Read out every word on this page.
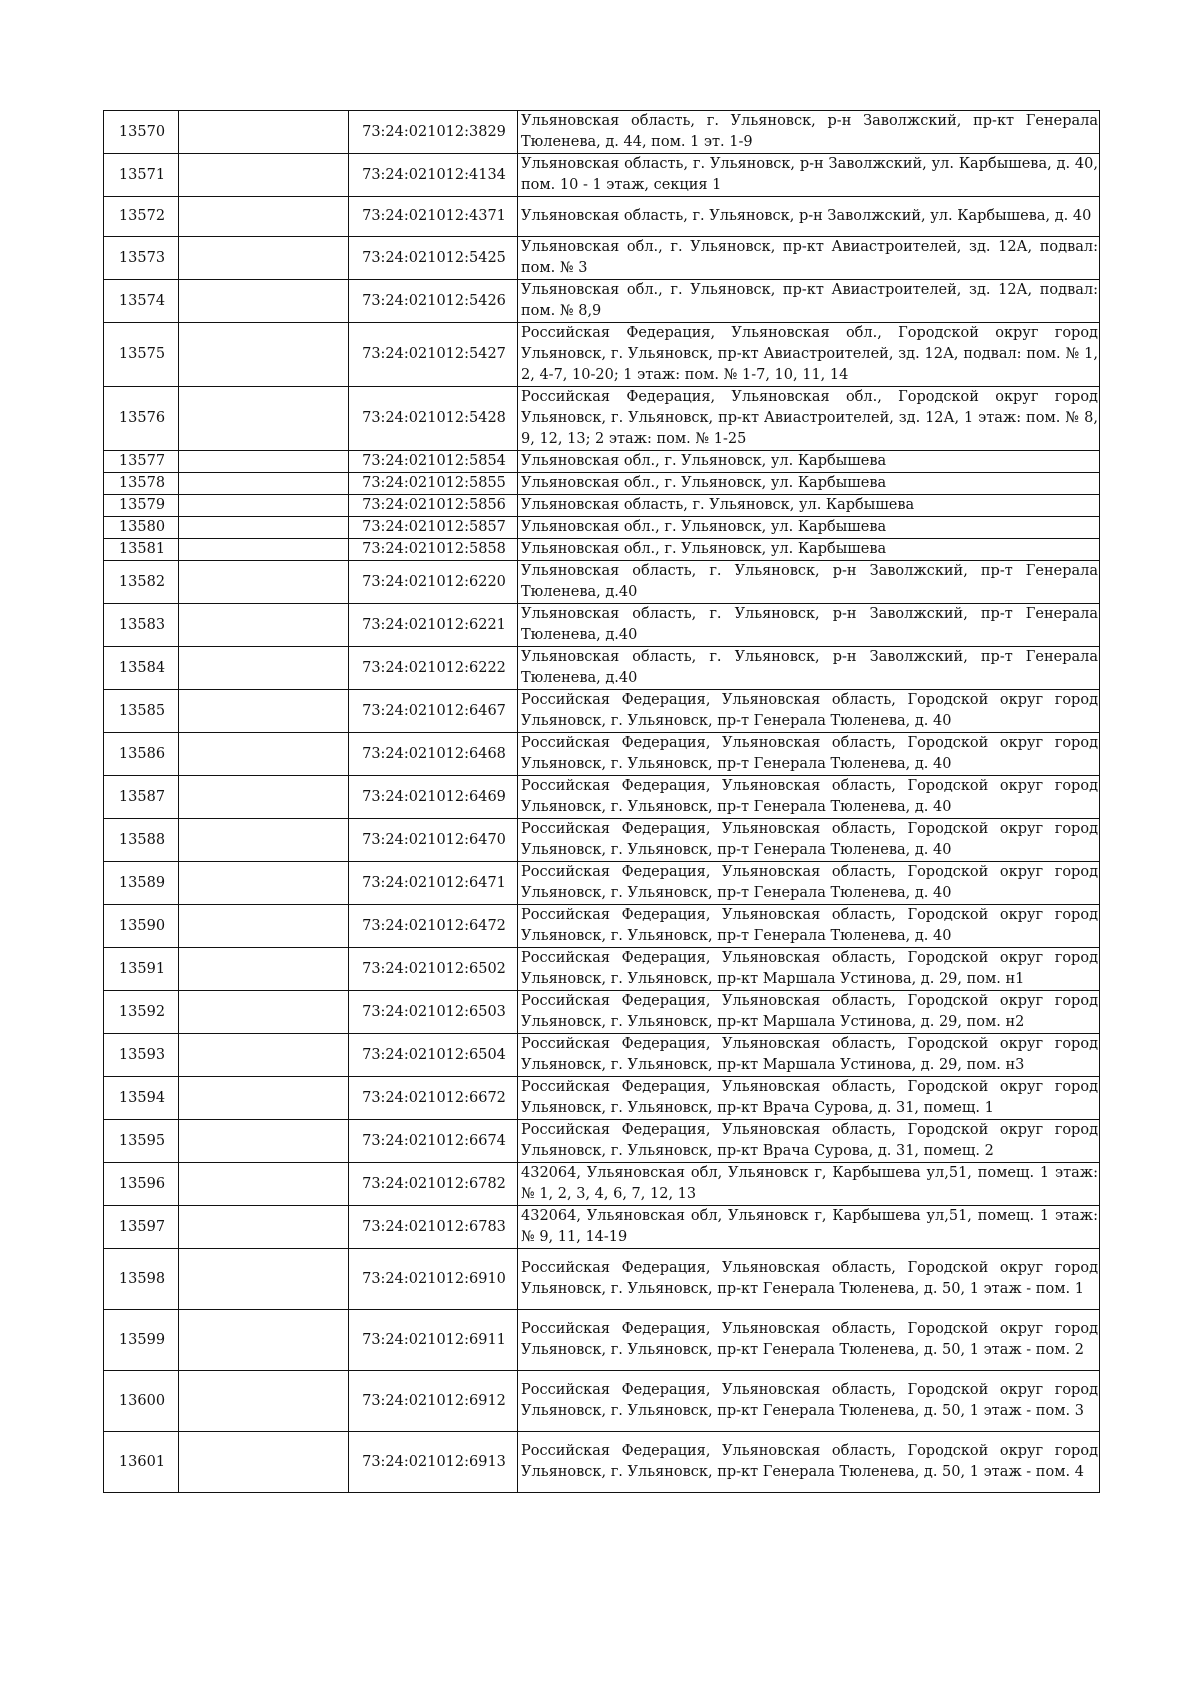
13570		73:24:021012:3829	Ульяновская область, г. Ульяновск, р-н Заволжский, пр-кт Генерала Тюленева, д. 44, пом. 1 эт. 1-9
13571		73:24:021012:4134	Ульяновская область, г. Ульяновск, р-н Заволжский, ул. Карбышева, д. 40, пом. 10 - 1 этаж, секция 1
13572		73:24:021012:4371	Ульяновская область, г. Ульяновск, р-н Заволжский, ул. Карбышева, д. 40
13573		73:24:021012:5425	Ульяновская обл., г. Ульяновск, пр-кт Авиастроителей, зд. 12А, подвал: пом. № 3
13574		73:24:021012:5426	Ульяновская обл., г. Ульяновск, пр-кт Авиастроителей, зд. 12А, подвал: пом. № 8,9
13575		73:24:021012:5427	Российская Федерация, Ульяновская обл., Городской округ город Ульяновск, г. Ульяновск, пр-кт Авиастроителей, зд. 12А, подвал: пом. № 1, 2, 4-7, 10-20; 1 этаж: пом. № 1-7, 10, 11, 14
13576		73:24:021012:5428	Российская Федерация, Ульяновская обл., Городской округ город Ульяновск, г. Ульяновск, пр-кт Авиастроителей, зд. 12А, 1 этаж: пом. № 8, 9, 12, 13; 2 этаж: пом. № 1-25
13577		73:24:021012:5854	Ульяновская обл., г. Ульяновск, ул. Карбышева
13578		73:24:021012:5855	Ульяновская обл., г. Ульяновск, ул. Карбышева
13579		73:24:021012:5856	Ульяновская область, г. Ульяновск, ул. Карбышева
13580		73:24:021012:5857	Ульяновская обл., г. Ульяновск, ул. Карбышева
13581		73:24:021012:5858	Ульяновская обл., г. Ульяновск, ул. Карбышева
13582		73:24:021012:6220	Ульяновская область, г. Ульяновск, р-н Заволжский, пр-т Генерала Тюленева, д.40
13583		73:24:021012:6221	Ульяновская область, г. Ульяновск, р-н Заволжский, пр-т Генерала Тюленева, д.40
13584		73:24:021012:6222	Ульяновская область, г. Ульяновск, р-н Заволжский, пр-т Генерала Тюленева, д.40
13585		73:24:021012:6467	Российская Федерация, Ульяновская область, Городской округ город Ульяновск, г. Ульяновск, пр-т Генерала Тюленева, д. 40
13586		73:24:021012:6468	Российская Федерация, Ульяновская область, Городской округ город Ульяновск, г. Ульяновск, пр-т Генерала Тюленева, д. 40
13587		73:24:021012:6469	Российская Федерация, Ульяновская область, Городской округ город Ульяновск, г. Ульяновск, пр-т Генерала Тюленева, д. 40
13588		73:24:021012:6470	Российская Федерация, Ульяновская область, Городской округ город Ульяновск, г. Ульяновск, пр-т Генерала Тюленева, д. 40
13589		73:24:021012:6471	Российская Федерация, Ульяновская область, Городской округ город Ульяновск, г. Ульяновск, пр-т Генерала Тюленева, д. 40
13590		73:24:021012:6472	Российская Федерация, Ульяновская область, Городской округ город Ульяновск, г. Ульяновск, пр-т Генерала Тюленева, д. 40
13591		73:24:021012:6502	Российская Федерация, Ульяновская область, Городской округ город Ульяновск, г. Ульяновск, пр-кт Маршала Устинова, д. 29, пом. н1
13592		73:24:021012:6503	Российская Федерация, Ульяновская область, Городской округ город Ульяновск, г. Ульяновск, пр-кт Маршала Устинова, д. 29, пом. н2
13593		73:24:021012:6504	Российская Федерация, Ульяновская область, Городской округ город Ульяновск, г. Ульяновск, пр-кт Маршала Устинова, д. 29, пом. н3
13594		73:24:021012:6672	Российская Федерация, Ульяновская область, Городской округ город Ульяновск, г. Ульяновск, пр-кт Врача Сурова, д. 31, помещ. 1
13595		73:24:021012:6674	Российская Федерация, Ульяновская область, Городской округ город Ульяновск, г. Ульяновск, пр-кт Врача Сурова, д. 31, помещ. 2
13596		73:24:021012:6782	432064, Ульяновская обл, Ульяновск г, Карбышева ул,51, помещ. 1 этаж: № 1, 2, 3, 4, 6, 7, 12, 13
13597		73:24:021012:6783	432064, Ульяновская обл, Ульяновск г, Карбышева ул,51, помещ. 1 этаж: № 9, 11, 14-19
13598		73:24:021012:6910	Российская Федерация, Ульяновская область, Городской округ город Ульяновск, г. Ульяновск, пр-кт Генерала Тюленева, д. 50, 1 этаж - пом. 1
13599		73:24:021012:6911	Российская Федерация, Ульяновская область, Городской округ город Ульяновск, г. Ульяновск, пр-кт Генерала Тюленева, д. 50, 1 этаж - пом. 2
13600		73:24:021012:6912	Российская Федерация, Ульяновская область, Городской округ город Ульяновск, г. Ульяновск, пр-кт Генерала Тюленева, д. 50, 1 этаж - пом. 3
13601		73:24:021012:6913	Российская Федерация, Ульяновская область, Городской округ город Ульяновск, г. Ульяновск, пр-кт Генерала Тюленева, д. 50, 1 этаж - пом. 4
